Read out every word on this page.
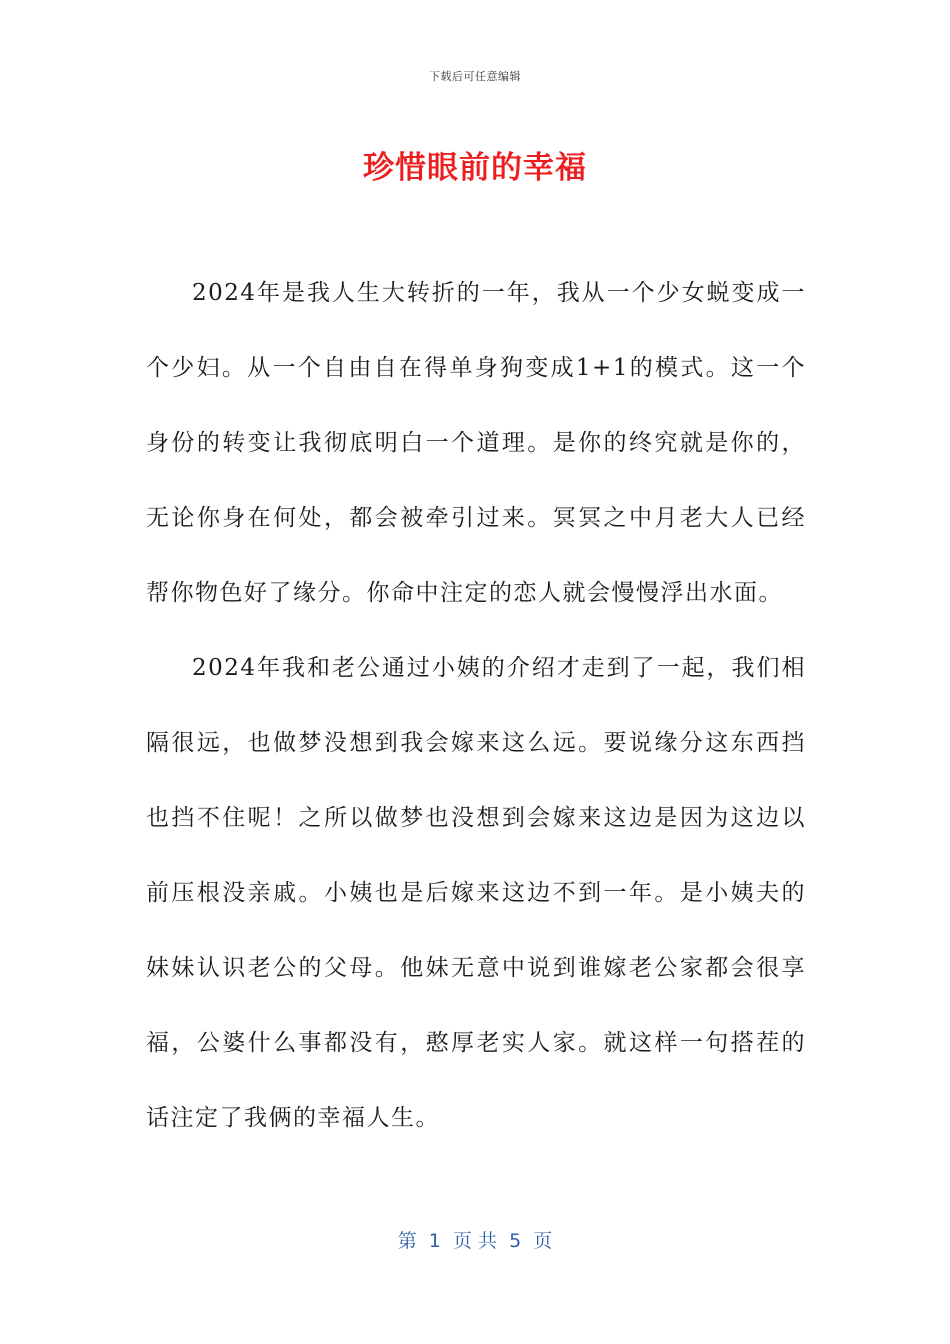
下载后可任意编辑
珍惜眼前的幸福

2024年是我人生大转折的一年，我从一个少女蜕变成一个少妇。从一个自由自在得单身狗变成1+1的模式。这一个身份的转变让我彻底明白一个道理。是你的终究就是你的，无论你身在何处，都会被牵引过来。冥冥之中月老大人已经帮你物色好了缘分。你命中注定的恋人就会慢慢浮出水面。

2024年我和老公通过小姨的介绍才走到了一起，我们相隔很远，也做梦没想到我会嫁来这么远。要说缘分这东西挡也挡不住呢！之所以做梦也没想到会嫁来这边是因为这边以前压根没亲戚。小姨也是后嫁来这边不到一年。是小姨夫的妹妹认识老公的父母。他妹无意中说到谁嫁老公家都会很享福，公婆什么事都没有，憨厚老实人家。就这样一句搭茬的话注定了我俩的幸福人生。

第  1  页 共  5  页
